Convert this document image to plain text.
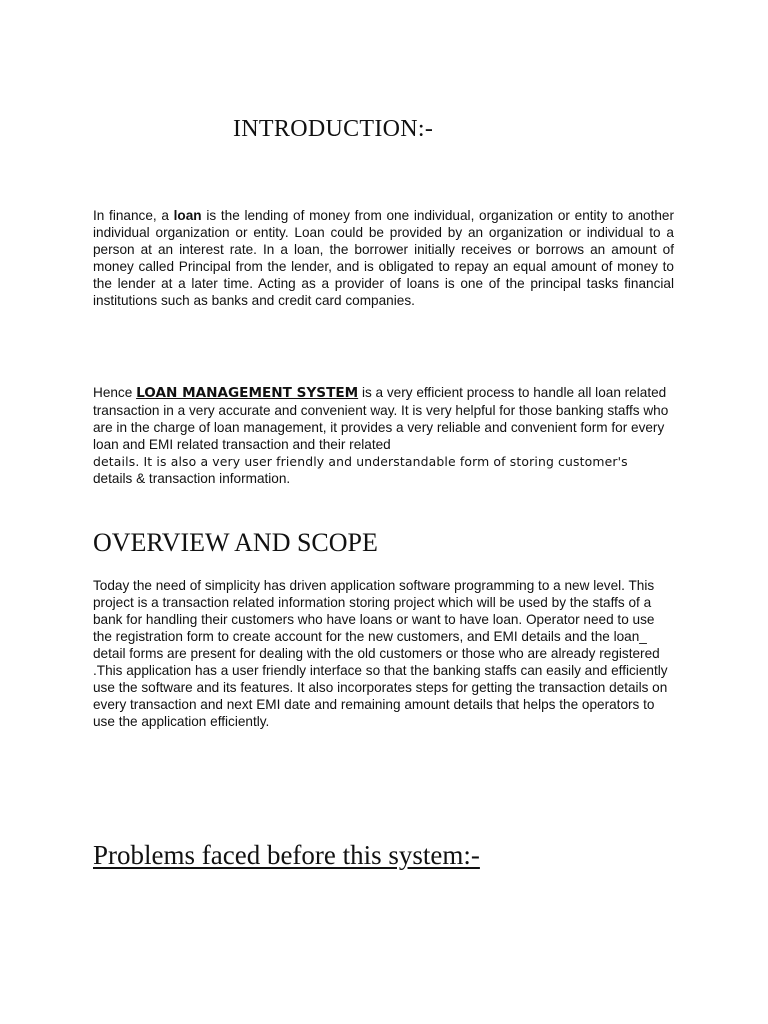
INTRODUCTION:-

In finance, a loan is the lending of money from one individual, organization or entity to another individual organization or entity. Loan could be provided by an organization or individual to a person at an interest rate. In a loan, the borrower initially receives or borrows an amount of money called Principal from the lender, and is obligated to repay an equal amount of money to the lender at a later time. Acting as a provider of loans is one of the principal tasks financial institutions such as banks and credit card companies.

Hence LOAN MANAGEMENT SYSTEM is a very efficient process to handle all loan related transaction in a very accurate and convenient way. It is very helpful for those banking staffs who are in the charge of loan management, it provides a very reliable and convenient form for every loan and EMI related transaction and their related
details. It is also a very user friendly and understandable form of storing customer's
details & transaction information.

OVERVIEW AND SCOPE

Today the need of simplicity has driven application software programming to a new level. This project is a transaction related information storing project which will be used by the staffs of a bank for handling their customers who have loans or want to have loan. Operator need to use the registration form to create account for the new customers, and EMI details and the loan_ detail forms are present for dealing with the old customers or those who are already registered .This application has a user friendly interface so that the banking staffs can easily and efficiently use the software and its features. It also incorporates steps for getting the transaction details on every transaction and next EMI date and remaining amount details that helps the operators to use the application efficiently.

Problems faced before this system:-
